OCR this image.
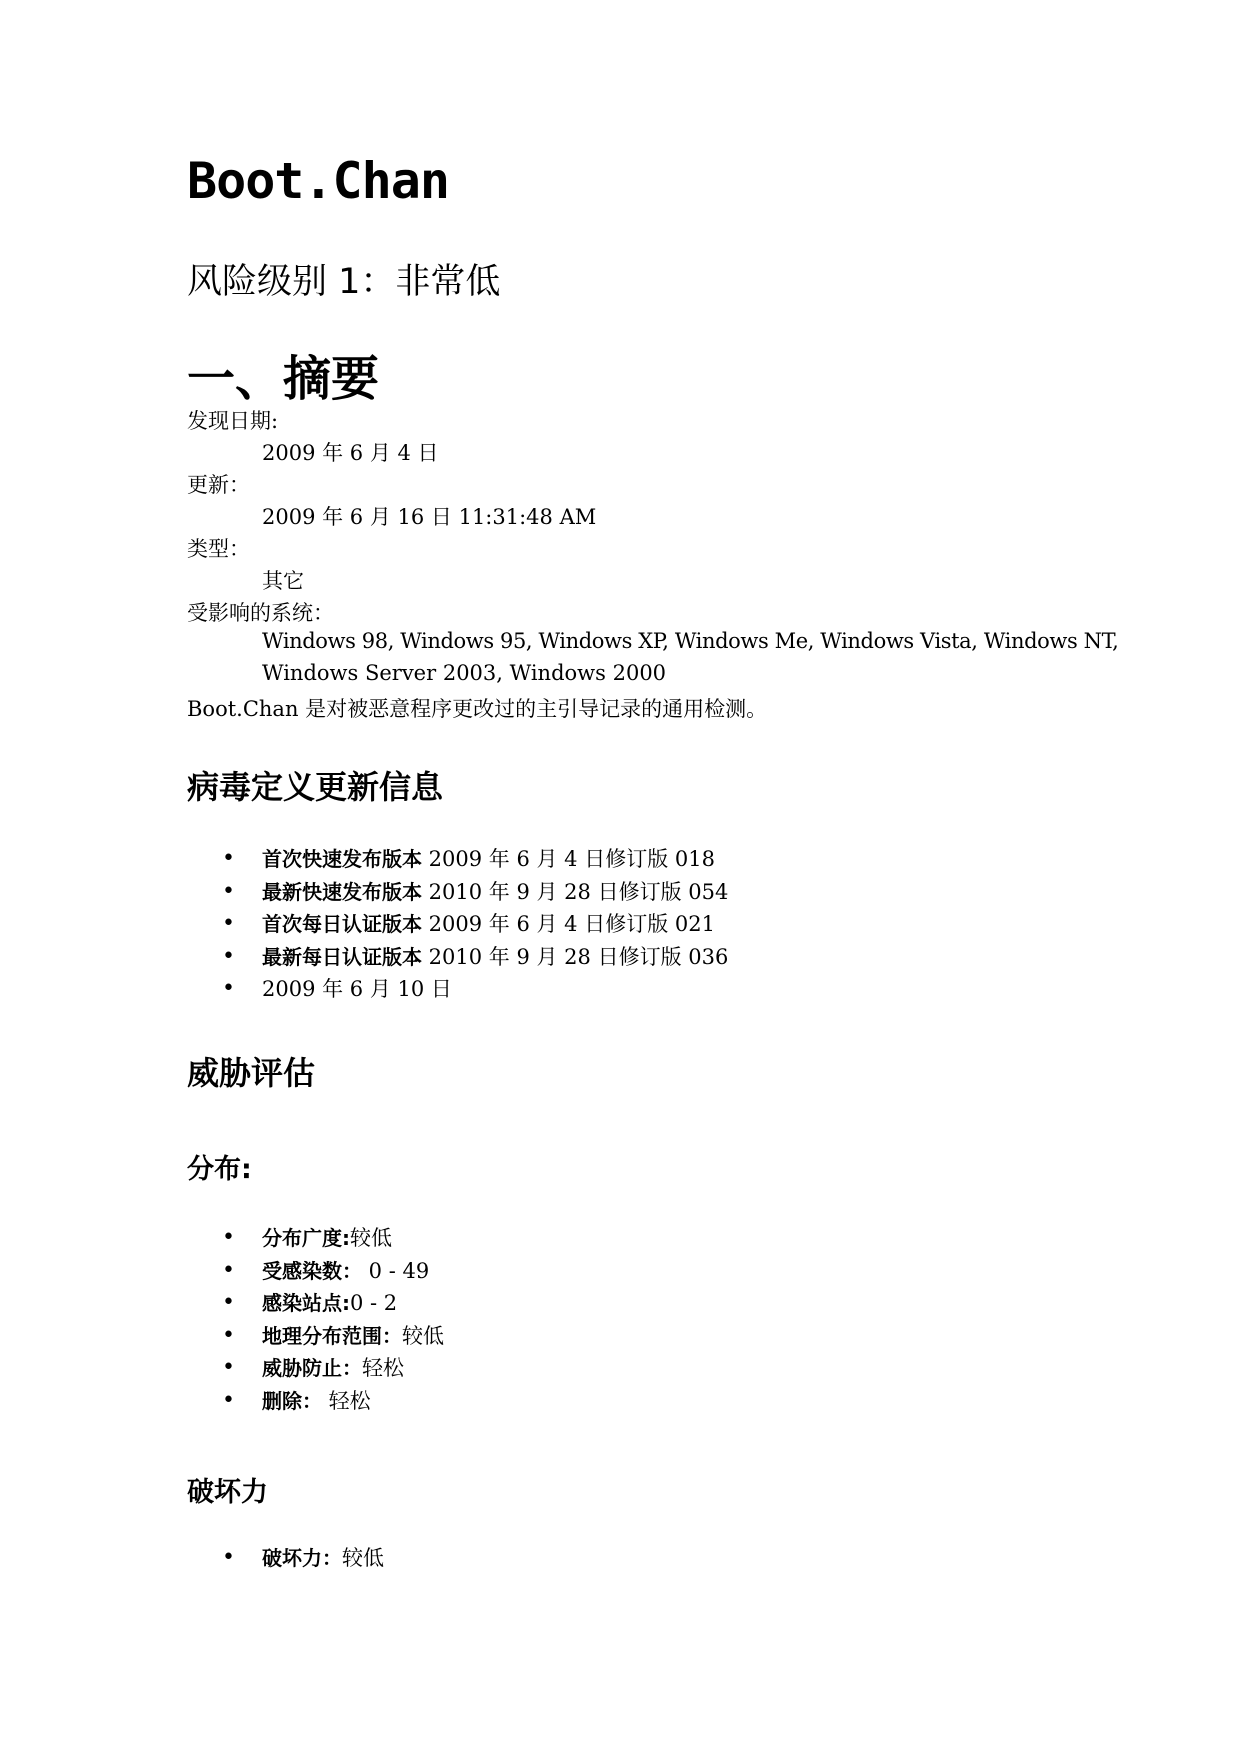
Boot.Chan
风险级别 1：非常低
一、摘要
发现日期:
2009 年 6 月 4 日
更新：
2009 年 6 月 16 日 11:31:48 AM
类型：
其它
受影响的系统：
Windows 98, Windows 95, Windows XP, Windows Me, Windows Vista, Windows NT,
Windows Server 2003, Windows 2000
Boot.Chan 是对被恶意程序更改过的主引导记录的通用检测。
病毒定义更新信息
• 首次快速发布版本 2009 年 6 月 4 日修订版 018
• 最新快速发布版本 2010 年 9 月 28 日修订版 054
• 首次每日认证版本 2009 年 6 月 4 日修订版 021
• 最新每日认证版本 2010 年 9 月 28 日修订版 036
• 2009 年 6 月 10 日
威胁评估
分布:
• 分布广度:较低
• 受感染数： 0 - 49
• 感染站点:0 - 2
• 地理分布范围：较低
• 威胁防止：轻松
• 删除： 轻松
破坏力
• 破坏力：较低
